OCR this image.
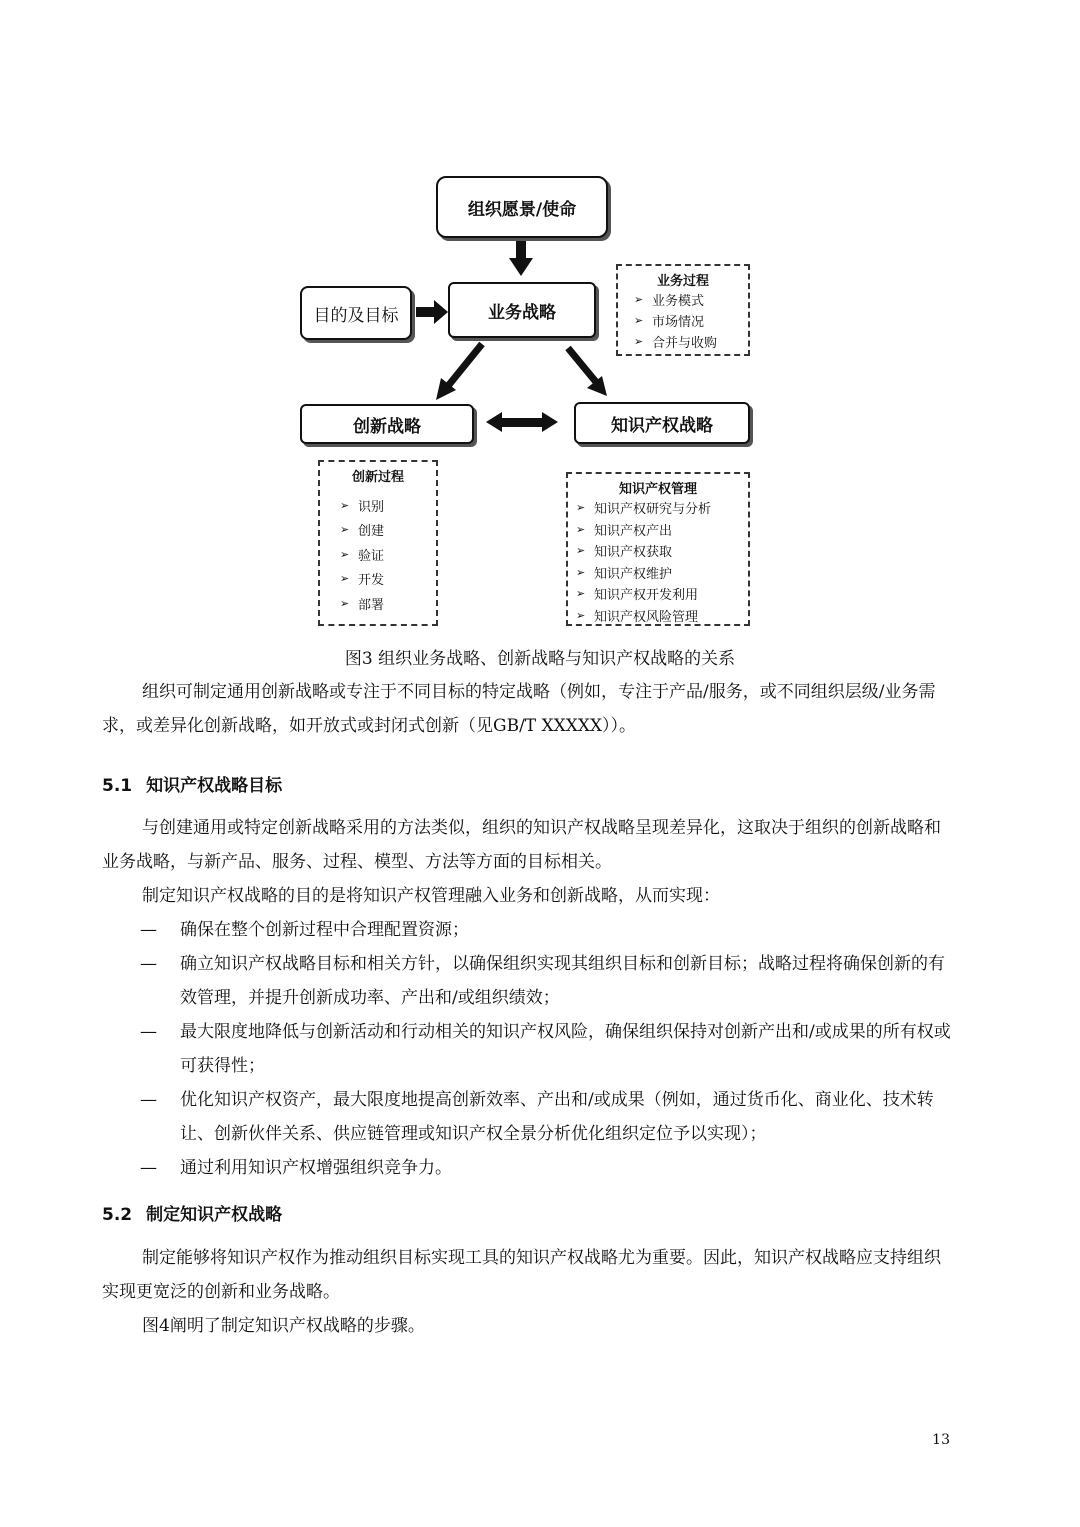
组织愿景/使命
业务战略
目的及目标
创新战略	知识产权战略
业务过程
➢ 业务模式
➢ 市场情况
➢ 合并与收购
创新过程
➢ 识别
➢ 创建
➢ 验证
➢ 开发
➢ 部署
知识产权管理
➢ 知识产权研究与分析
➢ 知识产权产出
➢ 知识产权获取
➢ 知识产权维护
➢ 知识产权开发利用
➢ 知识产权风险管理
图3 组织业务战略、创新战略与知识产权战略的关系

组织可制定通用创新战略或专注于不同目标的特定战略（例如，专注于产品/服务，或不同组织层级/业务需求，或差异化创新战略，如开放式或封闭式创新（见GB/T XXXXX））。

5.1 知识产权战略目标

与创建通用或特定创新战略采用的方法类似，组织的知识产权战略呈现差异化，这取决于组织的创新战略和业务战略，与新产品、服务、过程、模型、方法等方面的目标相关。

制定知识产权战略的目的是将知识产权管理融入业务和创新战略，从而实现：

—	确保在整个创新过程中合理配置资源；
—	确立知识产权战略目标和相关方针，以确保组织实现其组织目标和创新目标；战略过程将确保创新的有效管理，并提升创新成功率、产出和/或组织绩效；
—	最大限度地降低与创新活动和行动相关的知识产权风险，确保组织保持对创新产出和/或成果的所有权或可获得性；
—	优化知识产权资产，最大限度地提高创新效率、产出和/或成果（例如，通过货币化、商业化、技术转让、创新伙伴关系、供应链管理或知识产权全景分析优化组织定位予以实现）；
—	通过利用知识产权增强组织竞争力。
5.2 制定知识产权战略

制定能够将知识产权作为推动组织目标实现工具的知识产权战略尤为重要。因此，知识产权战略应支持组织实现更宽泛的创新和业务战略。

图4阐明了制定知识产权战略的步骤。

13
